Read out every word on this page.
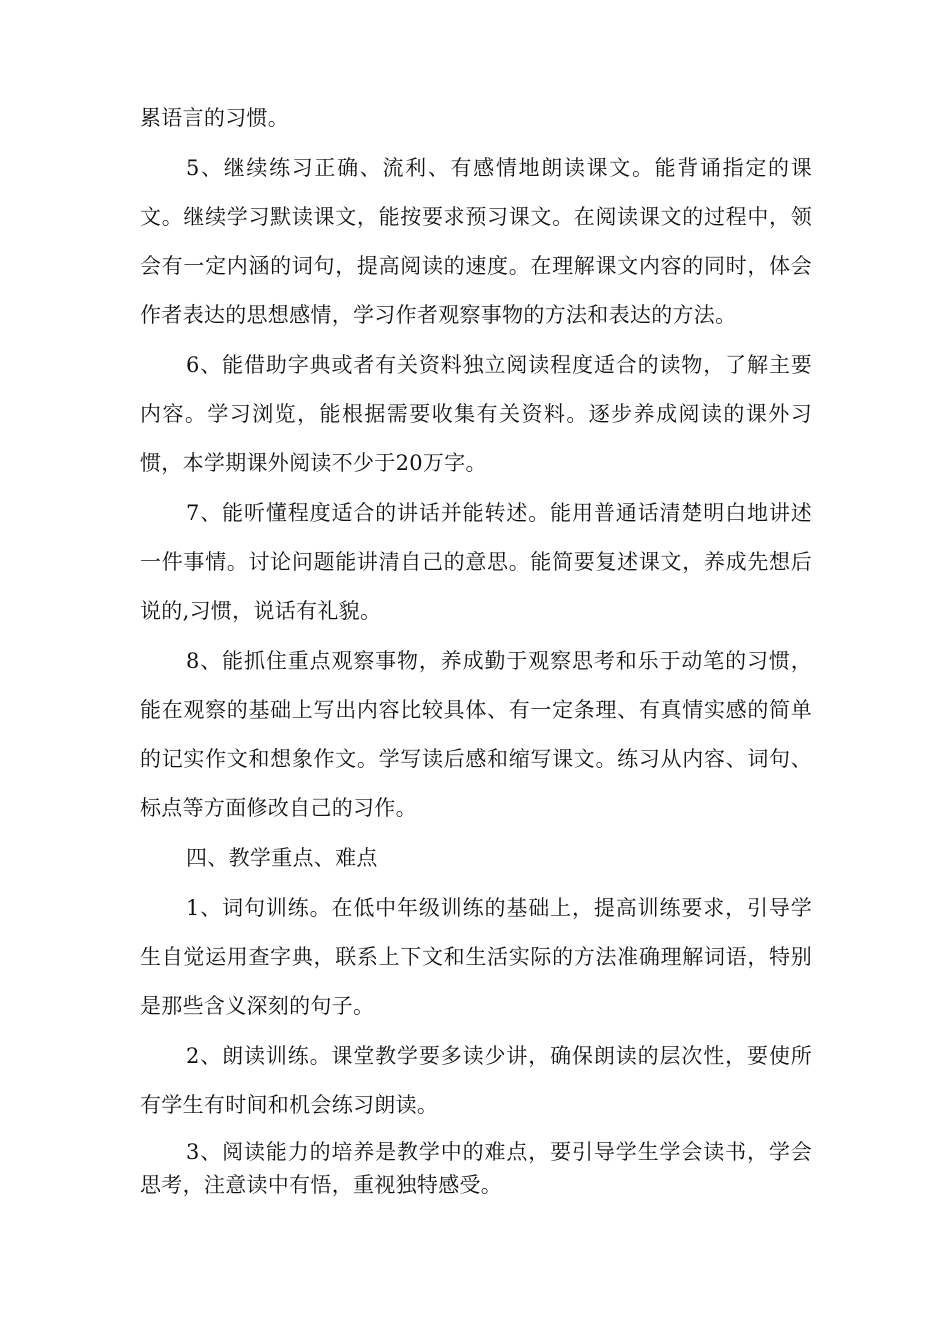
累语言的习惯。

5、继续练习正确、流利、有感情地朗读课文。能背诵指定的课文。继续学习默读课文，能按要求预习课文。在阅读课文的过程中，领会有一定内涵的词句，提高阅读的速度。在理解课文内容的同时，体会作者表达的思想感情，学习作者观察事物的方法和表达的方法。

6、能借助字典或者有关资料独立阅读程度适合的读物，了解主要内容。学习浏览，能根据需要收集有关资料。逐步养成阅读的课外习惯，本学期课外阅读不少于20万字。

7、能听懂程度适合的讲话并能转述。能用普通话清楚明白地讲述一件事情。讨论问题能讲清自己的意思。能简要复述课文，养成先想后说的,习惯，说话有礼貌。

8、能抓住重点观察事物，养成勤于观察思考和乐于动笔的习惯，能在观察的基础上写出内容比较具体、有一定条理、有真情实感的简单的记实作文和想象作文。学写读后感和缩写课文。练习从内容、词句、标点等方面修改自己的习作。

四、教学重点、难点

1、词句训练。在低中年级训练的基础上，提高训练要求，引导学生自觉运用查字典，联系上下文和生活实际的方法准确理解词语，特别是那些含义深刻的句子。

2、朗读训练。课堂教学要多读少讲，确保朗读的层次性，要使所有学生有时间和机会练习朗读。

3、阅读能力的培养是教学中的难点，要引导学生学会读书，学会思考，注意读中有悟，重视独特感受。
